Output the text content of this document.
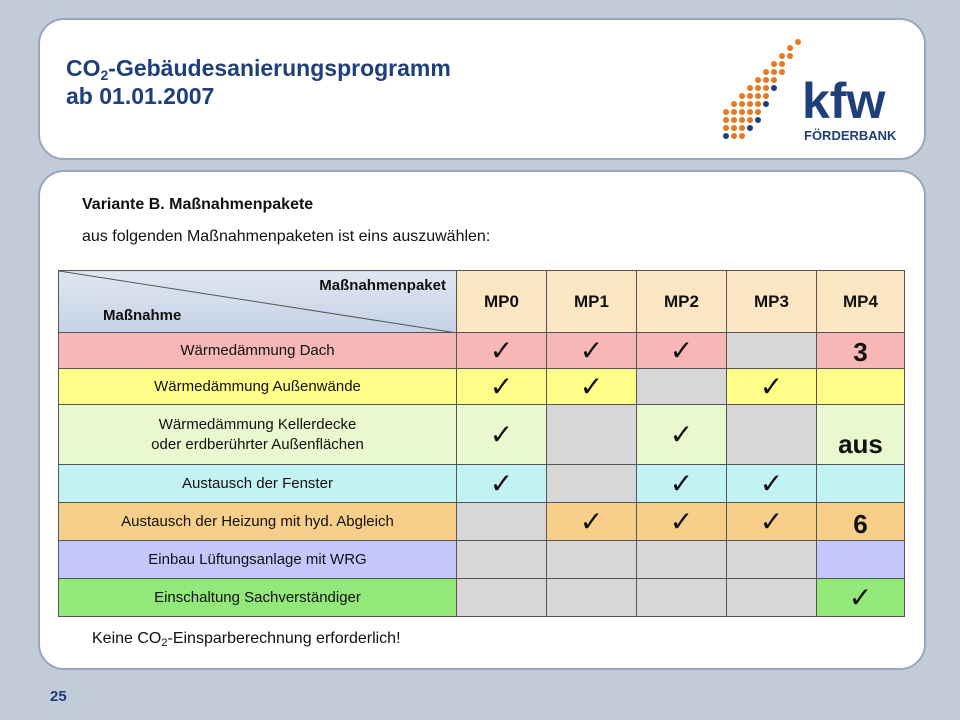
$CO_2$-Gebäudesanierungsprogramm
ab 01.01.2007	kfw
FÖRDERBANK
Variante B. Maßnahmenpakete
aus folgenden Maßnahmenpaketen ist eins auszuwählen:
Maßnahmenpaket
Maßnahme	MP0	MP1	MP2	MP3	MP4
Wärmedämmung Dach	✓	✓	✓		3
Wärmedämmung Außenwände	✓	✓		✓	
Wärmedämmung Kellerdecke
oder erdberührter Außenflächen	✓		✓		aus
Austausch der Fenster	✓		✓	✓	
Austausch der Heizung mit hyd. Abgleich		✓	✓	✓	6
Einbau Lüftungsanlage mit WRG					
Einschaltung Sachverständiger					✓
Keine $CO_2$-Einsparberechnung erforderlich!
25
